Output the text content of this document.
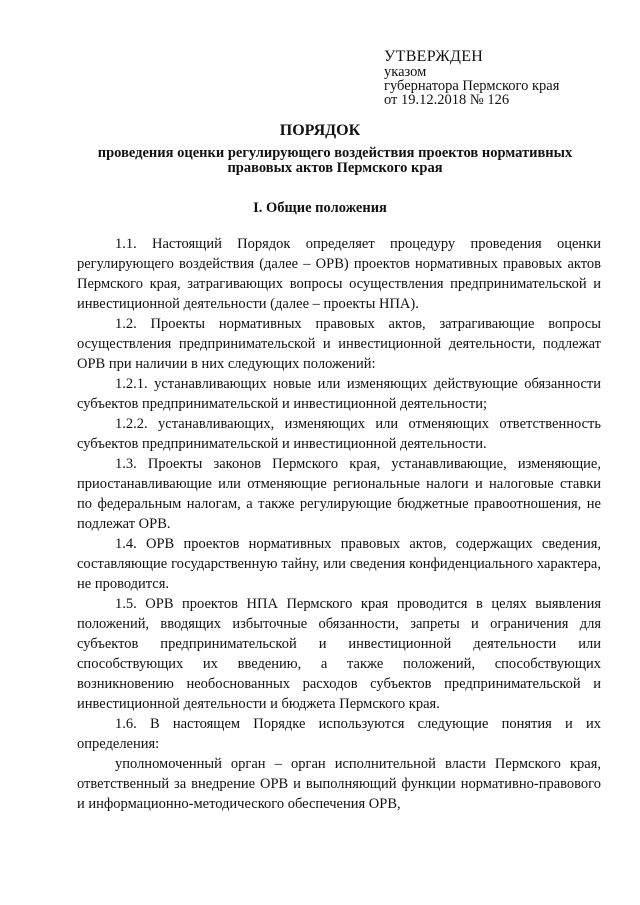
УТВЕРЖДЕН
указом
губернатора Пермского края
от 19.12.2018 № 126
ПОРЯДОК
проведения оценки регулирующего воздействия проектов нормативных правовых актов Пермского края
I. Общие положения

1.1. Настоящий Порядок определяет процедуру проведения оценки регулирующего воздействия (далее – ОРВ) проектов нормативных правовых актов Пермского края, затрагивающих вопросы осуществления предпринимательской и инвестиционной деятельности (далее – проекты НПА).

1.2. Проекты нормативных правовых актов, затрагивающие вопросы осуществления предпринимательской и инвестиционной деятельности, подлежат ОРВ при наличии в них следующих положений:

1.2.1. устанавливающих новые или изменяющих действующие обязанности субъектов предпринимательской и инвестиционной деятельности;

1.2.2. устанавливающих, изменяющих или отменяющих ответственность субъектов предпринимательской и инвестиционной деятельности.

1.3. Проекты законов Пермского края, устанавливающие, изменяющие, приостанавливающие или отменяющие региональные налоги и налоговые ставки по федеральным налогам, а также регулирующие бюджетные правоотношения, не подлежат ОРВ.

1.4. ОРВ проектов нормативных правовых актов, содержащих сведения, составляющие государственную тайну, или сведения конфиденциального характера, не проводится.

1.5. ОРВ проектов НПА Пермского края проводится в целях выявления положений, вводящих избыточные обязанности, запреты и ограничения для субъектов предпринимательской и инвестиционной деятельности или способствующих их введению, а также положений, способствующих возникновению необоснованных расходов субъектов предпринимательской и инвестиционной деятельности и бюджета Пермского края.

1.6. В настоящем Порядке используются следующие понятия и их определения:

уполномоченный орган – орган исполнительной власти Пермского края, ответственный за внедрение ОРВ и выполняющий функции нормативно-правового и информационно-методического обеспечения ОРВ,
